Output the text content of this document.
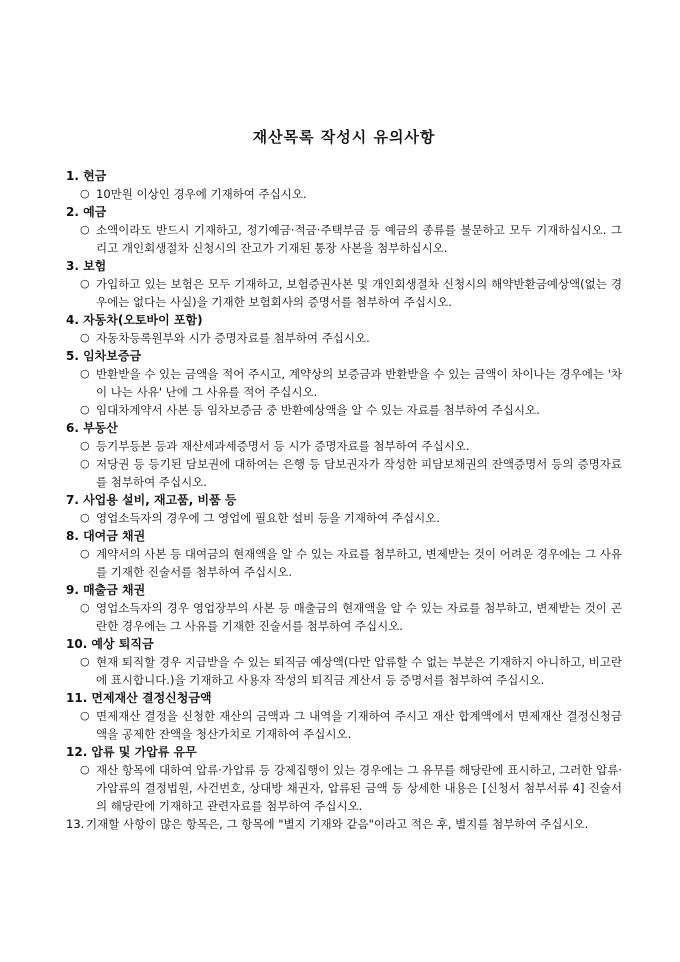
재산목록 작성시 유의사항
1. 현금
○ 10만원 이상인 경우에 기재하여 주십시오.
2. 예금
○ 소액이라도 반드시 기재하고, 정기예금·적금·주택부금 등 예금의 종류를 불문하고 모두 기재하십시오. 그리고 개인회생절차 신청시의 잔고가 기재된 통장 사본을 첨부하십시오.
3. 보험
○ 가입하고 있는 보험은 모두 기재하고, 보험증권사본 및 개인회생절차 신청시의 해약반환금예상액(없는 경우에는 없다는 사실)을 기재한 보험회사의 증명서를 첨부하여 주십시오.
4. 자동차(오토바이 포함)
○ 자동차등록원부와 시가 증명자료를 첨부하여 주십시오.
5. 임차보증금
○ 반환받을 수 있는 금액을 적어 주시고, 계약상의 보증금과 반환받을 수 있는 금액이 차이나는 경우에는 '차이 나는 사유' 난에 그 사유를 적어 주십시오.
○ 임대차계약서 사본 등 임차보증금 중 반환예상액을 알 수 있는 자료를 첨부하여 주십시오.
6. 부동산
○ 등기부등본 등과 재산세과세증명서 등 시가 증명자료를 첨부하여 주십시오.
○ 저당권 등 등기된 담보권에 대하여는 은행 등 담보권자가 작성한 피담보채권의 잔액증명서 등의 증명자료를 첨부하여 주십시오.
7. 사업용 설비, 재고품, 비품 등
○ 영업소득자의 경우에 그 영업에 필요한 설비 등을 기재하여 주십시오.
8. 대여금 채권
○ 계약서의 사본 등 대여금의 현재액을 알 수 있는 자료를 첨부하고, 변제받는 것이 어려운 경우에는 그 사유를 기재한 진술서를 첨부하여 주십시오.
9. 매출금 채권
○ 영업소득자의 경우 영업장부의 사본 등 매출금의 현재액을 알 수 있는 자료를 첨부하고, 변제받는 것이 곤란한 경우에는 그 사유를 기재한 진술서를 첨부하여 주십시오.
10. 예상 퇴직금
○ 현재 퇴직할 경우 지급받을 수 있는 퇴직금 예상액(다만 압류할 수 없는 부분은 기재하지 아니하고, 비고란에 표시합니다.)을 기재하고 사용자 작성의 퇴직금 계산서 등 증명서를 첨부하여 주십시오.
11. 면제재산 결정신청금액
○ 면제재산 결정을 신청한 재산의 금액과 그 내역을 기재하여 주시고 재산 합계액에서 면제재산 결정신청금액을 공제한 잔액을 청산가치로 기재하여 주십시오.
12. 압류 및 가압류 유무
○ 재산 항목에 대하여 압류·가압류 등 강제집행이 있는 경우에는 그 유무를 해당란에 표시하고, 그러한 압류·가압류의 결정법원, 사건번호, 상대방 채권자, 압류된 금액 등 상세한 내용은 [신청서 첨부서류 4] 진술서의 해당란에 기재하고 관련자료를 첨부하여 주십시오.
13. 기재할 사항이 많은 항목은, 그 항목에 "별지 기재와 같음"이라고 적은 후, 별지를 첨부하여 주십시오.
